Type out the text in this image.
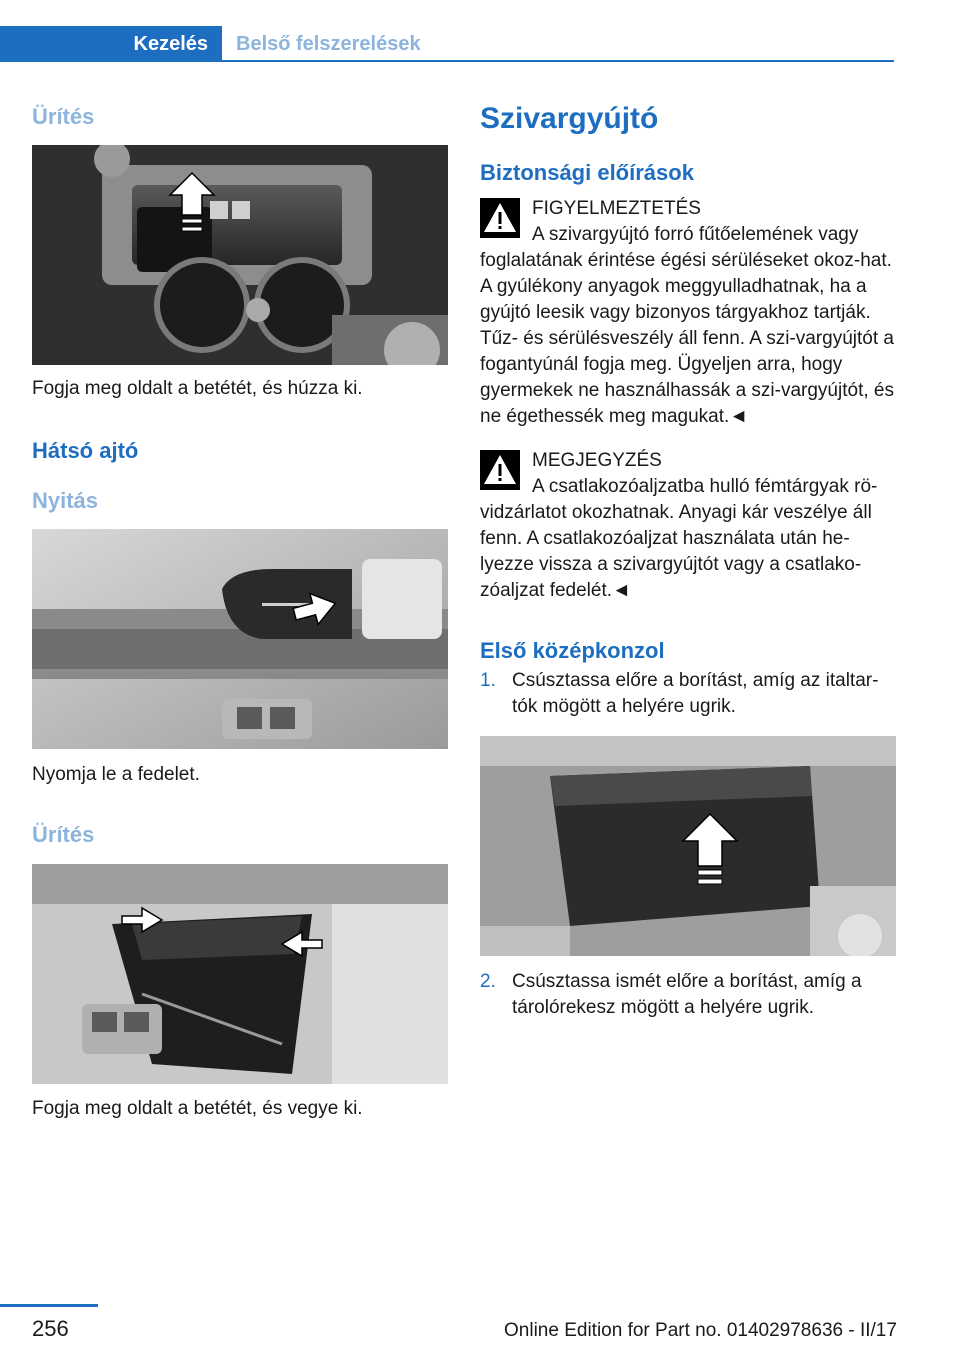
Kezelés	Belső felszerelések
Ürítés
Fogja meg oldalt a betétét, és húzza ki.
Hátsó ajtó
Nyitás
Nyomja le a fedelet.
Ürítés
Fogja meg oldalt a betétét, és vegye ki.
Szivargyújtó
Biztonsági előírások
FIGYELMEZTETÉS
A szivargyújtó forró fűtőelemének vagy foglalatának érintése égési sérüléseket okoz-hat. A gyúlékony anyagok meggyulladhatnak, ha a gyújtó leesik vagy bizonyos tárgyakhoz tartják. Tűz- és sérülésveszély áll fenn. A szi-vargyújtót a fogantyúnál fogja meg. Ügyeljen arra, hogy gyermekek ne használhassák a szi-vargyújtót, és ne égethessék meg magukat.◄
MEGJEGYZÉS
A csatlakozóaljzatba hulló fémtárgyak rö-vidzárlatot okozhatnak. Anyagi kár veszélye áll fenn. A csatlakozóaljzat használata után he-lyezze vissza a szivargyújtót vagy a csatlako-zóaljzat fedelét.◄
Első középkonzol
1. Csúsztassa előre a borítást, amíg az italtar-tók mögött a helyére ugrik.
2. Csúsztassa ismét előre a borítást, amíg a tárolórekesz mögött a helyére ugrik.
256	Online Edition for Part no. 01402978636 - II/17
